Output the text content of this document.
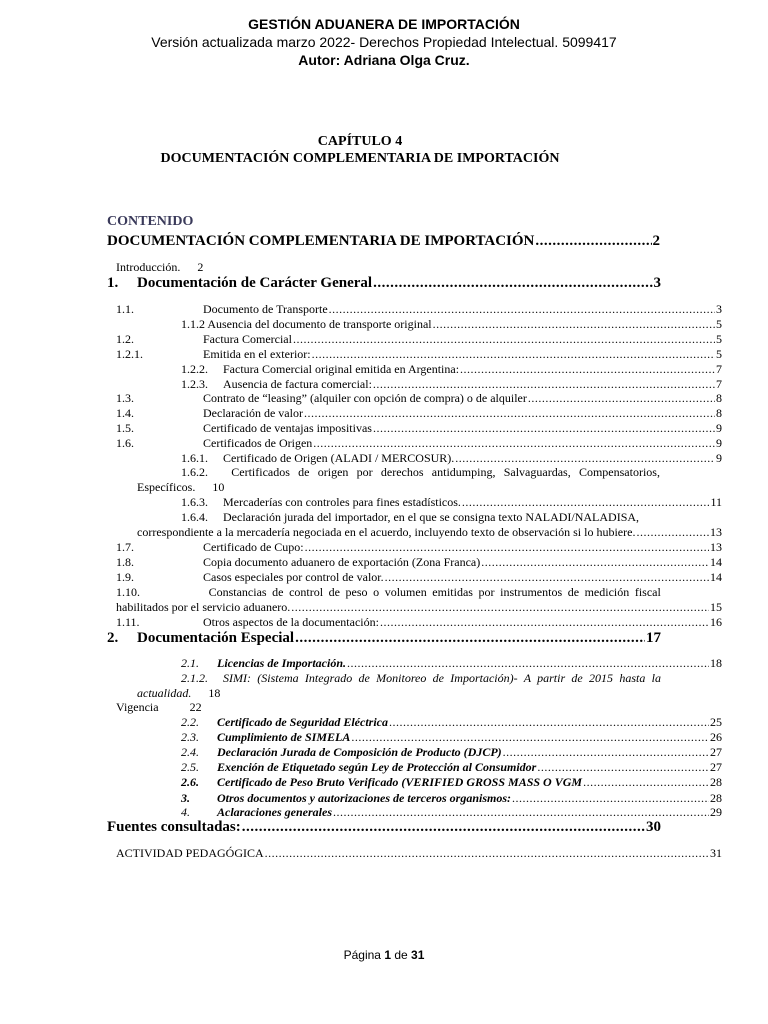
GESTIÓN ADUANERA DE IMPORTACIÓN
Versión actualizada marzo 2022- Derechos Propiedad Intelectual. 5099417
Autor: Adriana Olga Cruz.
CAPÍTULO 4
DOCUMENTACIÓN COMPLEMENTARIA DE IMPORTACIÓN
CONTENIDO
DOCUMENTACIÓN COMPLEMENTARIA DE IMPORTACIÓN .....	2
Introducción. 2
1.	Documentación de Carácter General .....	3
1.1.	Documento de Transporte .....	3
1.1.2 Ausencia del documento de transporte original .....	5
1.2.	Factura Comercial .....	5
1.2.1.	Emitida en el exterior: .....	5
1.2.2.	Factura Comercial original emitida en Argentina: .....	7
1.2.3.	Ausencia de factura comercial: .....	7
1.3.	Contrato de “leasing” (alquiler con opción de compra) o de alquiler .....	8
1.4.	Declaración de valor .....	8
1.5.	Certificado de ventajas impositivas .....	9
1.6.	Certificados de Origen .....	9
1.6.1.	Certificado de Origen (ALADI / MERCOSUR). .....	9
1.6.2.	Certificados de origen por derechos antidumping, Salvaguardas, Compensatorios,
Específicos. 10
1.6.3.	Mercaderías con controles para fines estadísticos. .....	11
1.6.4. Declaración jurada del importador, en el que se consigna texto NALADI/NALADISA,
correspondiente a la mercadería negociada en el acuerdo, incluyendo texto de observación si lo hubiere. .....	13
1.7.	Certificado de Cupo: .....	13
1.8.	Copia documento aduanero de exportación (Zona Franca) .....	14
1.9.	Casos especiales por control de valor. .....	14
1.10.	Constancias de control de peso o volumen emitidas por instrumentos de medición fiscal
habilitados por el servicio aduanero. .....	15
1.11.	Otros aspectos de la documentación: .....	16
2.	Documentación Especial .....	17
2.1.	Licencias de Importación. .....	18
2.1.2.	SIMI: (Sistema Integrado de Monitoreo de Importación)- A partir de 2015 hasta la
actualidad. 18
Vigencia	22
2.2.	Certificado de Seguridad Eléctrica .....	25
2.3.	Cumplimiento de SIMELA .....	26
2.4.	Declaración Jurada de Composición de Producto (DJCP) .....	27
2.5.	Exención de Etiquetado según Ley de Protección al Consumidor .....	27
2.6.	Certificado de Peso Bruto Verificado (VERIFIED GROSS MASS O VGM .....	28
3.	Otros documentos y autorizaciones de terceros organismos: .....	28
4.	Aclaraciones generales .....	29
Fuentes consultadas: .....	30
ACTIVIDAD PEDAGÓGICA .....	31
Página 1 de 31
